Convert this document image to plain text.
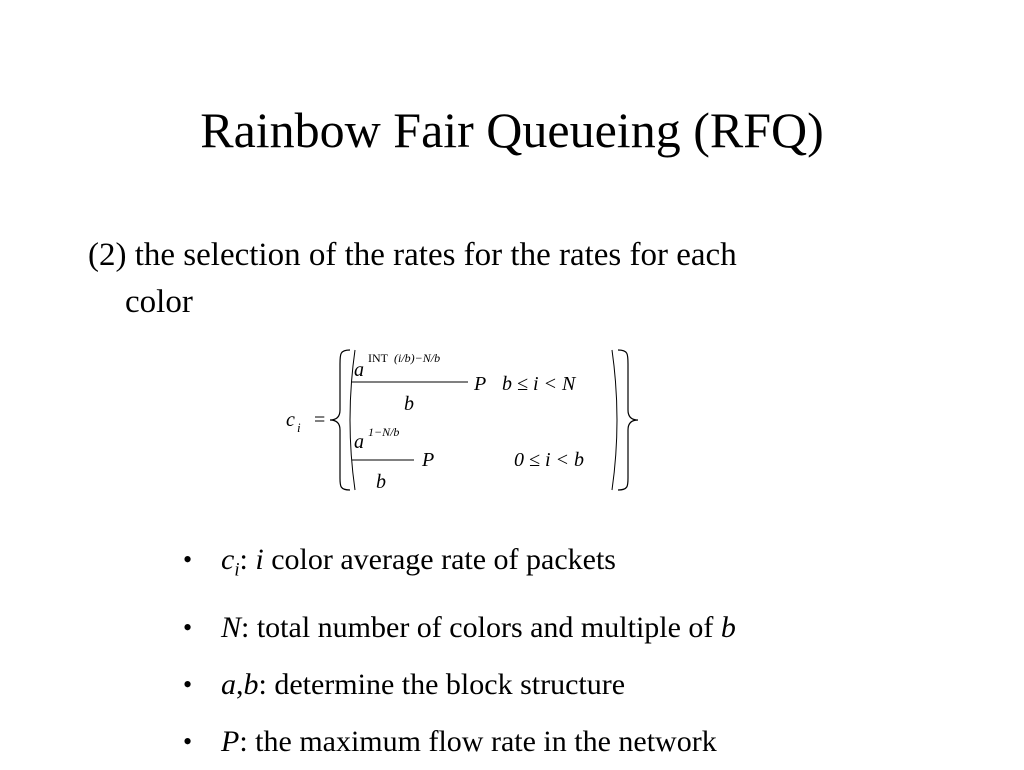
Rainbow Fair Queueing (RFQ)
(2) the selection of the rates for the rates for each
color
c i =
a
INT (i/b)−N/b
b
P b ≤ i < N
a 1−N/b
b
P	0 ≤ i < b
• $c_i$: i color average rate of packets
• N: total number of colors and multiple of b
• a,b: determine the block structure
• P: the maximum flow rate in the network
